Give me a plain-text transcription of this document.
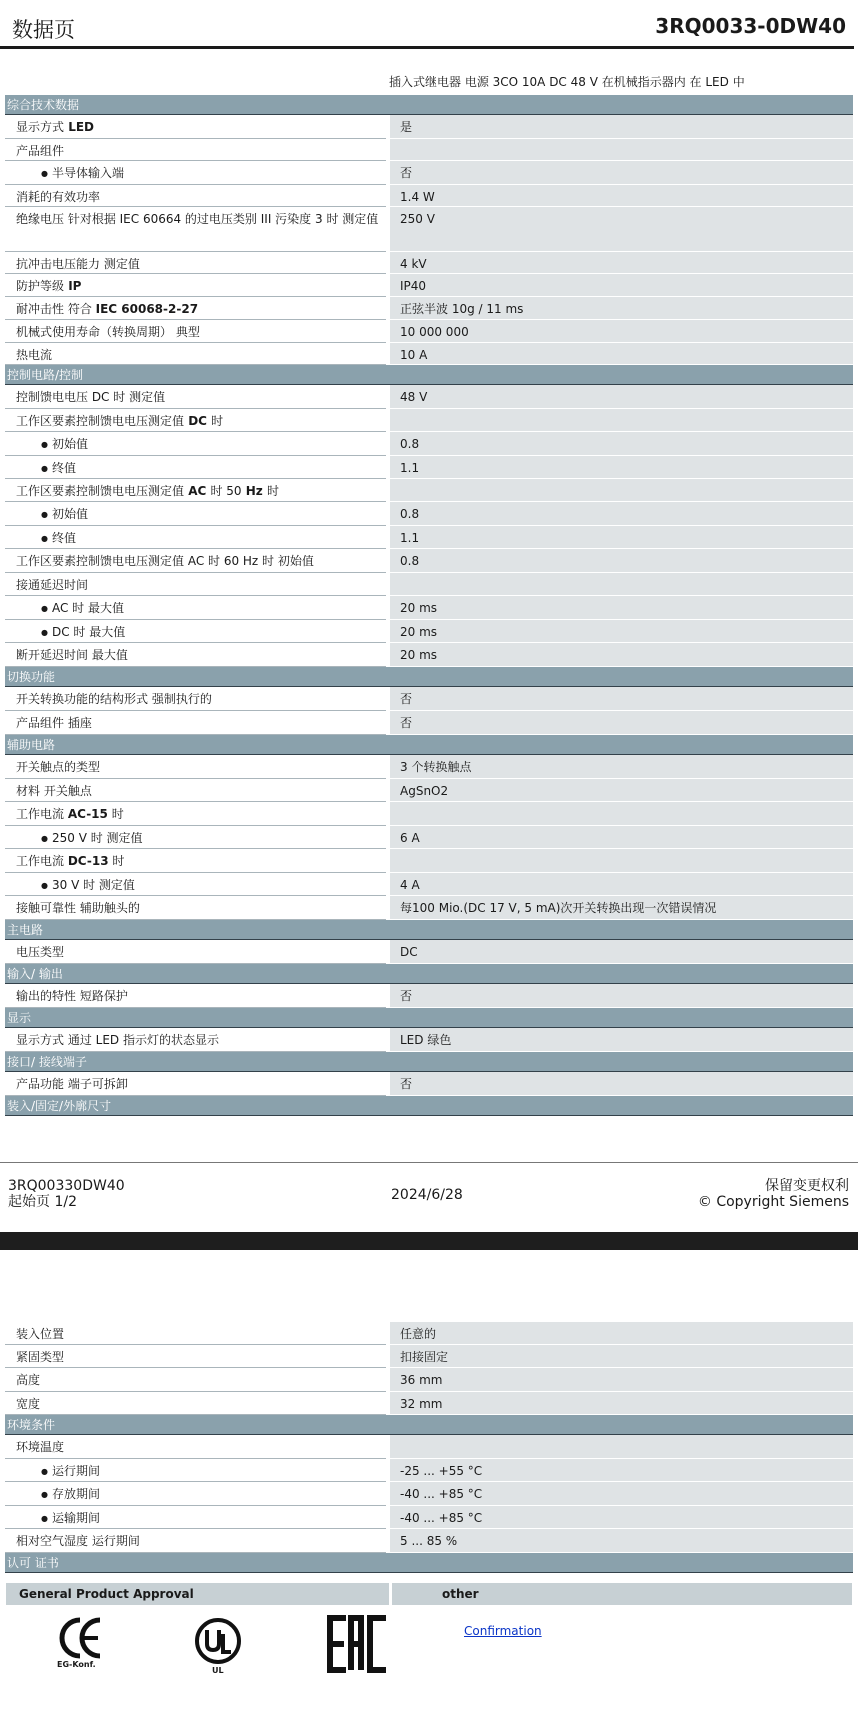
数据页	3RQ0033-0DW40
插入式继电器 电源 3CO 10A DC 48 V 在机械指示器内 在 LED 中
综合技术数据
显示方式 LED	是
产品组件
● 半导体输入端	否
消耗的有效功率	1.4 W
绝缘电压 针对根据 IEC 60664 的过电压类别 III 污染度 3 时 测定值	250 V
抗冲击电压能力 测定值	4 kV
防护等级 IP	IP40
耐冲击性 符合 IEC 60068-2-27	正弦半波 10g / 11 ms
机械式使用寿命（转换周期） 典型	10 000 000
热电流	10 A
控制电路/控制
控制馈电电压 DC 时 测定值	48 V
工作区要素控制馈电电压测定值 DC 时
● 初始值	0.8
● 终值	1.1
工作区要素控制馈电电压测定值 AC 时 50 Hz 时
● 初始值	0.8
● 终值	1.1
工作区要素控制馈电电压测定值 AC 时 60 Hz 时 初始值	0.8
接通延迟时间
● AC 时 最大值	20 ms
● DC 时 最大值	20 ms
断开延迟时间 最大值	20 ms
切换功能
开关转换功能的结构形式 强制执行的	否
产品组件 插座	否
辅助电路
开关触点的类型	3 个转换触点
材料 开关触点	AgSnO2
工作电流 AC-15 时
● 250 V 时 测定值	6 A
工作电流 DC-13 时
● 30 V 时 测定值	4 A
接触可靠性 辅助触头的	每100 Mio.(DC 17 V, 5 mA)次开关转换出现一次错误情况
主电路
电压类型	DC
输入/ 输出
输出的特性 短路保护	否
显示
显示方式 通过 LED 指示灯的状态显示	LED 绿色
接口/ 接线端子
产品功能 端子可拆卸	否
装入/固定/外廓尺寸
3RQ00330DW40
起始页 1/2	2024/6/28
保留变更权利
© Copyright Siemens
装入位置	任意的
紧固类型	扣接固定
高度	36 mm
宽度	32 mm
环境条件
环境温度
● 运行期间	-25 ... +55 °C
● 存放期间	-40 ... +85 °C
● 运输期间	-40 ... +85 °C
相对空气湿度 运行期间	5 ... 85 %
认可 证书
General Product Approval	other
EG-Konf.
UL
Confirmation
